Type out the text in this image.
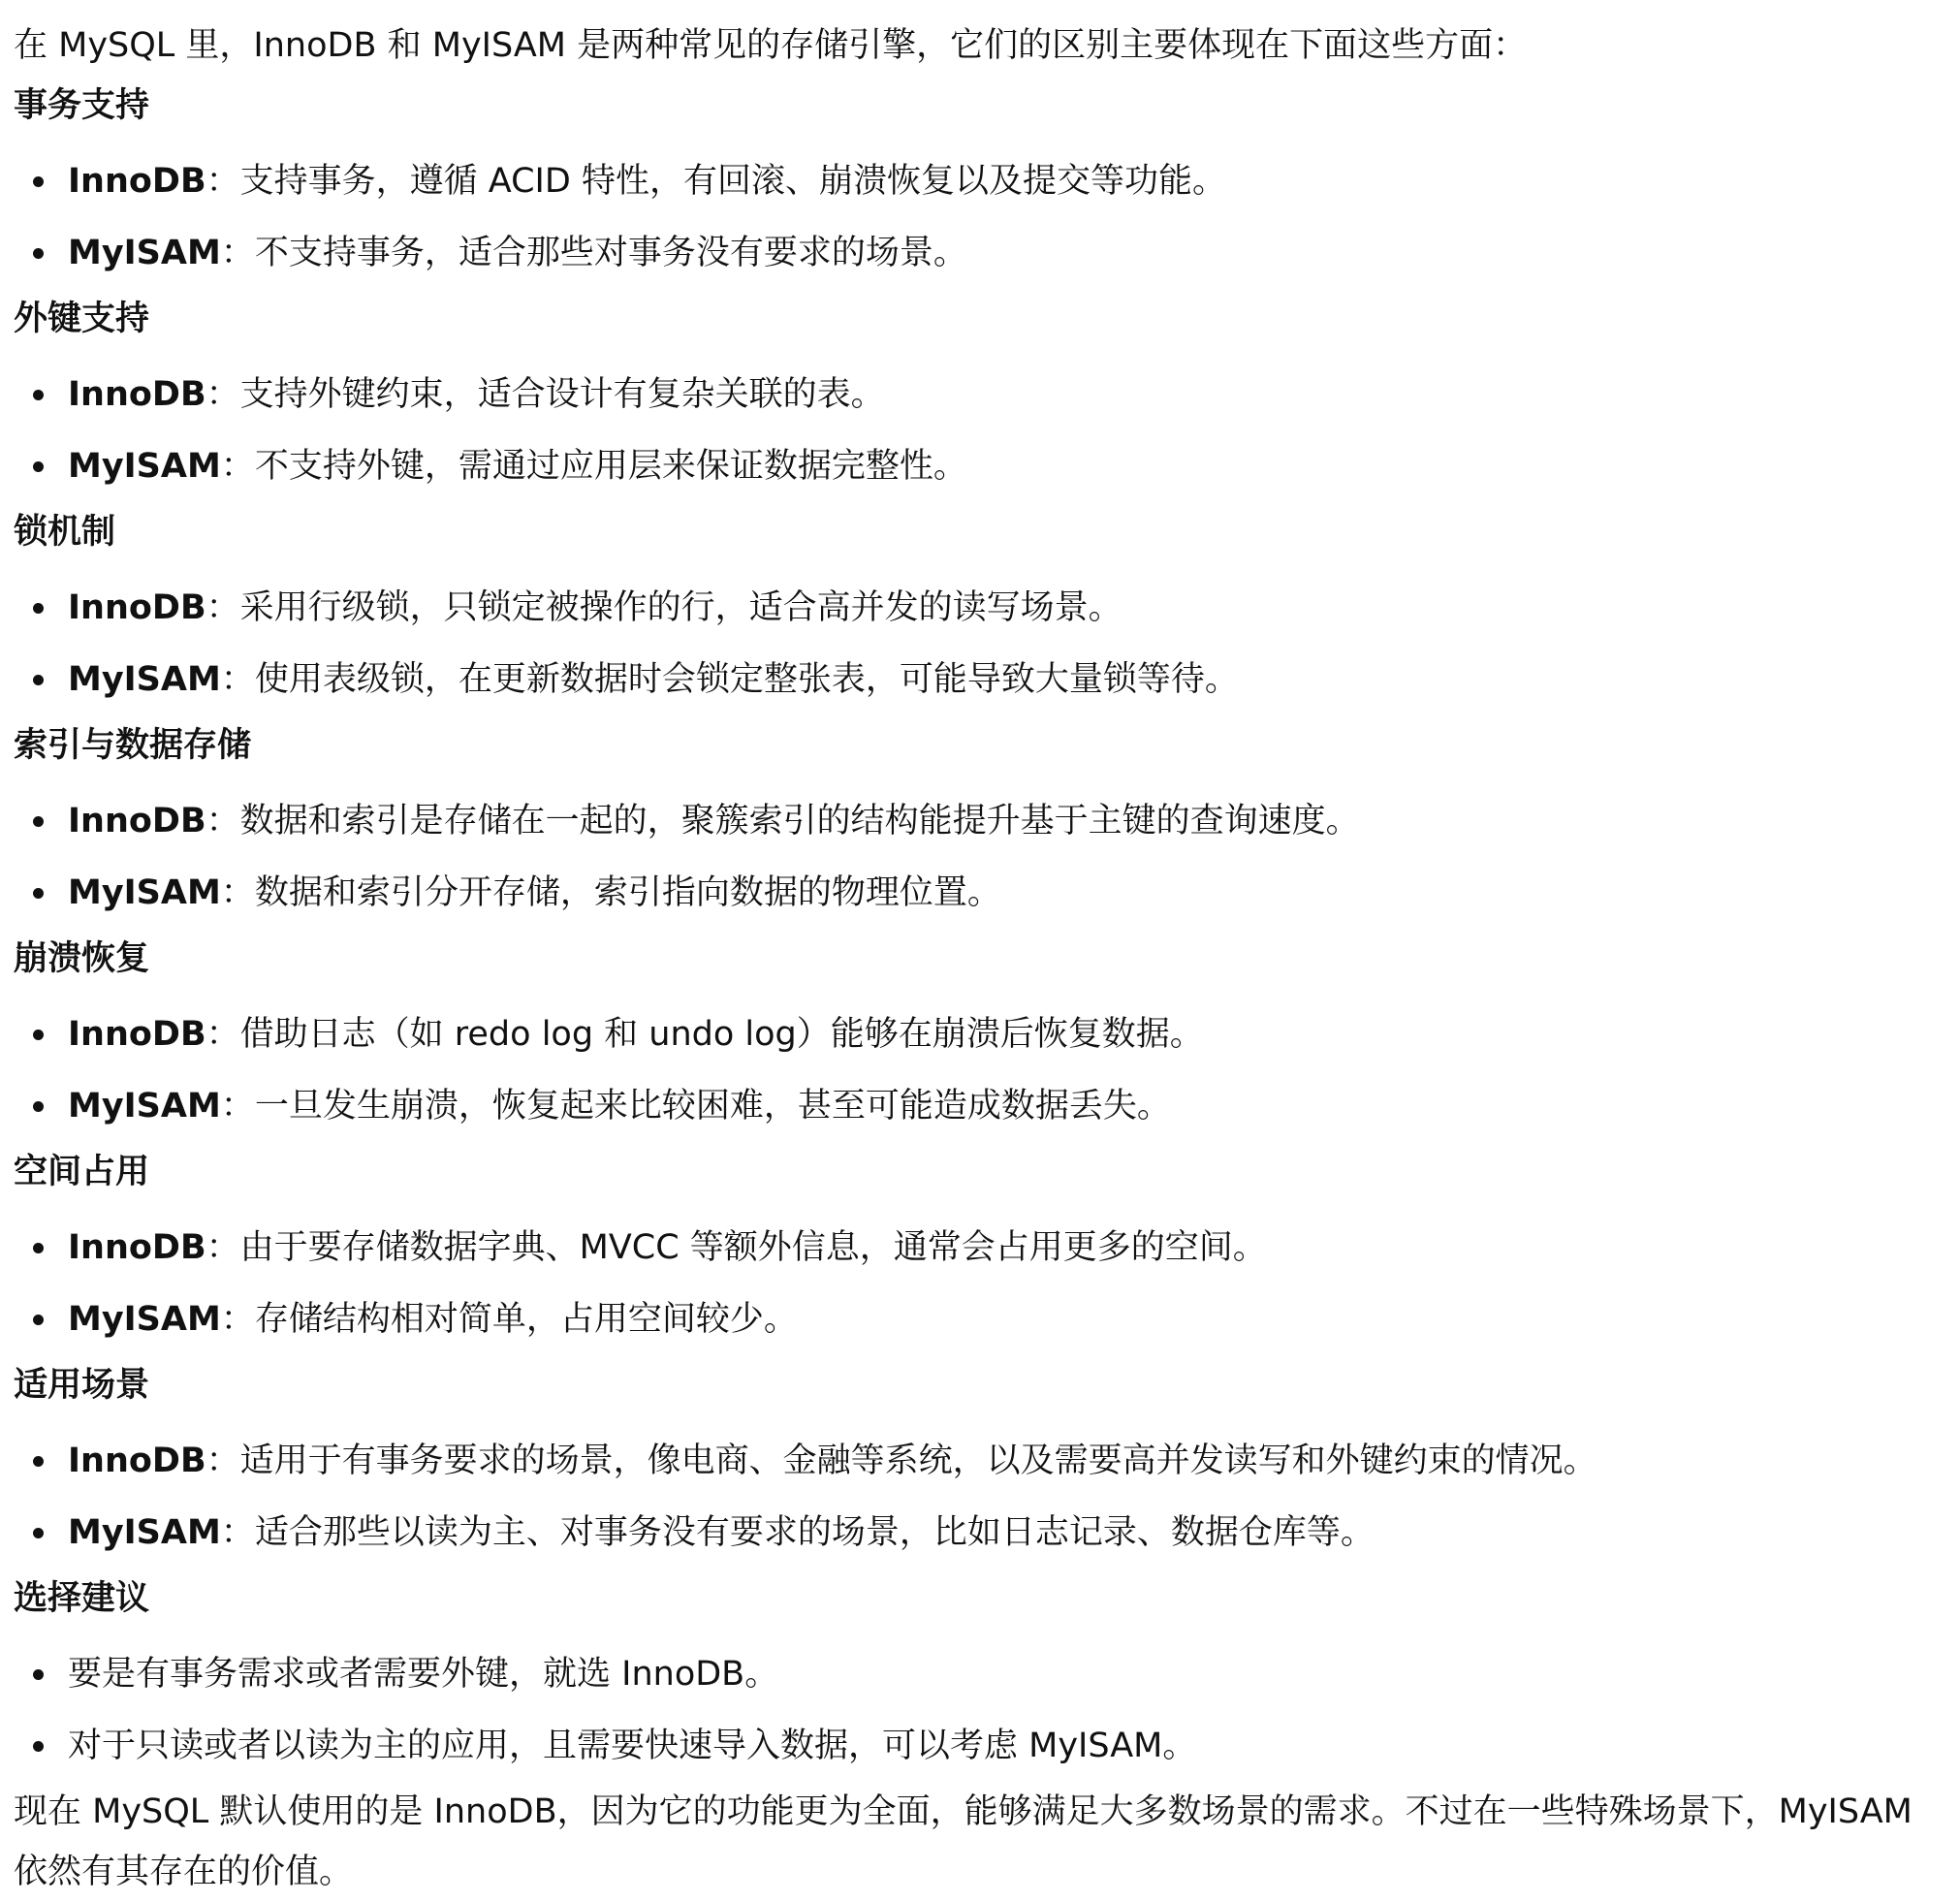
在 MySQL 里，InnoDB 和 MyISAM 是两种常见的存储引擎，它们的区别主要体现在下面这些方面：

事务支持

InnoDB：支持事务，遵循 ACID 特性，有回滚、崩溃恢复以及提交等功能。
MyISAM：不支持事务，适合那些对事务没有要求的场景。

外键支持

InnoDB：支持外键约束，适合设计有复杂关联的表。
MyISAM：不支持外键，需通过应用层来保证数据完整性。

锁机制

InnoDB：采用行级锁，只锁定被操作的行，适合高并发的读写场景。
MyISAM：使用表级锁，在更新数据时会锁定整张表，可能导致大量锁等待。

索引与数据存储

InnoDB：数据和索引是存储在一起的，聚簇索引的结构能提升基于主键的查询速度。
MyISAM：数据和索引分开存储，索引指向数据的物理位置。

崩溃恢复

InnoDB：借助日志（如 redo log 和 undo log）能够在崩溃后恢复数据。
MyISAM：一旦发生崩溃，恢复起来比较困难，甚至可能造成数据丢失。

空间占用

InnoDB：由于要存储数据字典、MVCC 等额外信息，通常会占用更多的空间。
MyISAM：存储结构相对简单，占用空间较少。

适用场景

InnoDB：适用于有事务要求的场景，像电商、金融等系统，以及需要高并发读写和外键约束的情况。
MyISAM：适合那些以读为主、对事务没有要求的场景，比如日志记录、数据仓库等。

选择建议

要是有事务需求或者需要外键，就选 InnoDB。
对于只读或者以读为主的应用，且需要快速导入数据，可以考虑 MyISAM。

现在 MySQL 默认使用的是 InnoDB，因为它的功能更为全面，能够满足大多数场景的需求。不过在一些特殊场景下，MyISAM 依然有其存在的价值。
